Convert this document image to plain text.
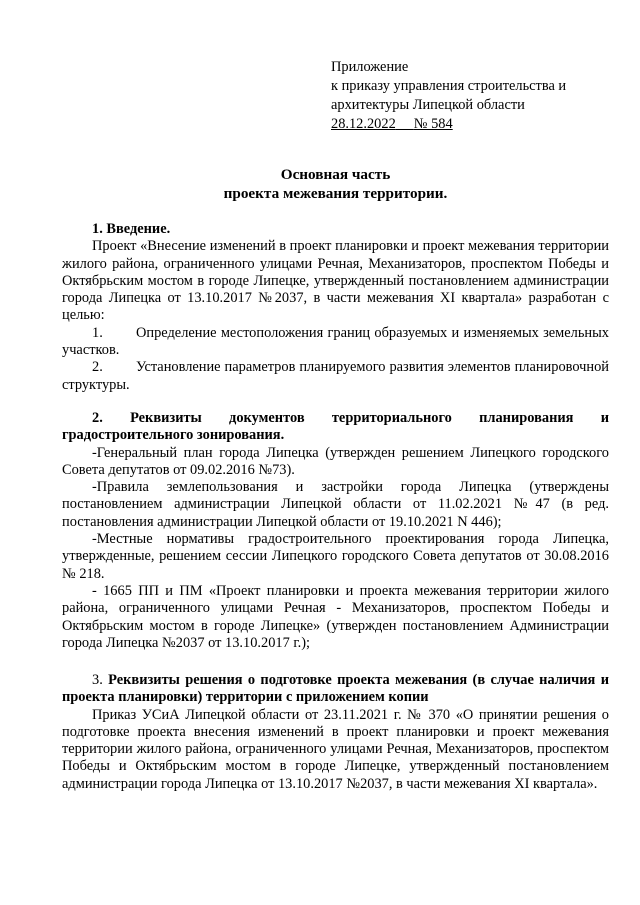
Приложение
к приказу управления строительства и
архитектуры Липецкой области
28.12.2022 № 584
Основная часть
проекта межевания территории.

1. Введение.

Проект «Внесение изменений в проект планировки и проект межевания территории жилого района, ограниченного улицами Речная, Механизаторов, проспектом Победы и Октябрьским мостом в городе Липецке, утвержденный постановлением администрации города Липецка от 13.10.2017 №2037, в части межевания XI квартала» разработан с целью:

1. Определение местоположения границ образуемых и изменяемых земельных участков.

2. Установление параметров планируемого развития элементов планировочной структуры.

2. Реквизиты документов территориального планирования и градостроительного зонирования.

-Генеральный план города Липецка (утвержден решением Липецкого городского Совета депутатов от 09.02.2016 №73).

-Правила землепользования и застройки города Липецка (утверждены постановлением администрации Липецкой области от 11.02.2021 №47 (в ред. постановления администрации Липецкой области от 19.10.2021 N 446);

-Местные нормативы градостроительного проектирования города Липецка, утвержденные, решением сессии Липецкого городского Совета депутатов от 30.08.2016 № 218.

- 1665 ПП и ПМ «Проект планировки и проекта межевания территории жилого района, ограниченного улицами Речная - Механизаторов, проспектом Победы и Октябрьским мостом в городе Липецке» (утвержден постановлением Администрации города Липецка №2037 от 13.10.2017 г.);

3. Реквизиты решения о подготовке проекта межевания (в случае наличия и проекта планировки) территории с приложением копии

Приказ УСиА Липецкой области от 23.11.2021 г. № 370 «О принятии решения о подготовке проекта внесения изменений в проект планировки и проект межевания территории жилого района, ограниченного улицами Речная, Механизаторов, проспектом Победы и Октябрьским мостом в городе Липецке, утвержденный постановлением администрации города Липецка от 13.10.2017 №2037, в части межевания XI квартала».
